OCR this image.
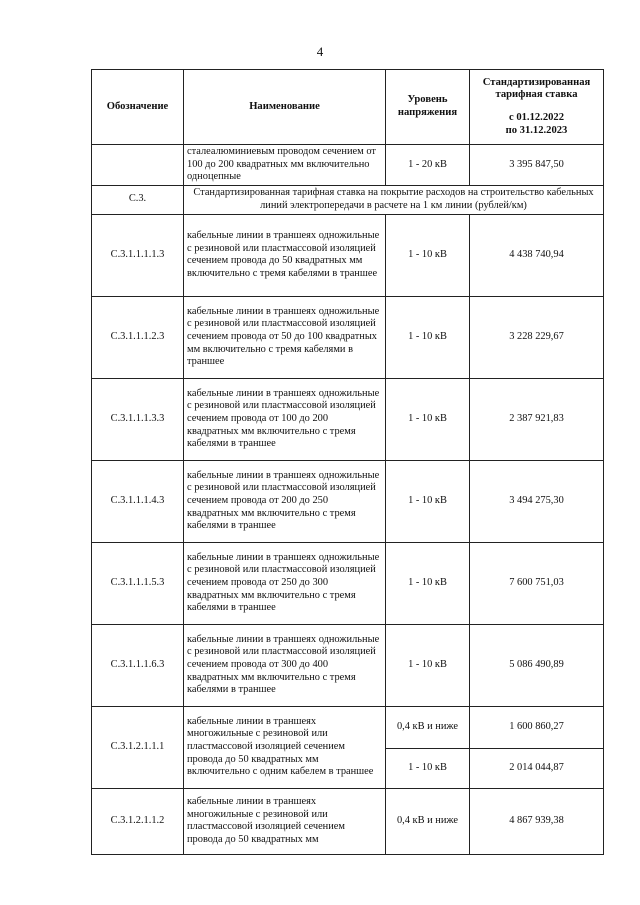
4
Обозначение	Наименование	Уровень напряжения	Стандартизированная тарифная ставка
с 01.12.2022
по 31.12.2023

	сталеалюминиевым проводом сечением от 100 до 200 квадратных мм включительно одноцепные	1 - 20 кВ	3 395 847,50
С.3.	Стандартизированная тарифная ставка на покрытие расходов на строительство кабельных линий электропередачи в расчете на 1 км линии (рублей/км)		
С.3.1.1.1.1.3	кабельные линии в траншеях одножильные с резиновой или пластмассовой изоляцией сечением провода до 50 квадратных мм включительно с тремя кабелями в траншее	1 - 10 кВ	4 438 740,94
С.3.1.1.1.2.3	кабельные линии в траншеях одножильные с резиновой или пластмассовой изоляцией сечением провода от 50 до 100 квадратных мм включительно с тремя кабелями в траншее	1 - 10 кВ	3 228 229,67
С.3.1.1.1.3.3	кабельные линии в траншеях одножильные с резиновой или пластмассовой изоляцией сечением провода от 100 до 200 квадратных мм включительно с тремя кабелями в траншее	1 - 10 кВ	2 387 921,83
С.3.1.1.1.4.3	кабельные линии в траншеях одножильные с резиновой или пластмассовой изоляцией сечением провода от 200 до 250 квадратных мм включительно с тремя кабелями в траншее	1 - 10 кВ	3 494 275,30
С.3.1.1.1.5.3	кабельные линии в траншеях одножильные с резиновой или пластмассовой изоляцией сечением провода от 250 до 300 квадратных мм включительно с тремя кабелями в траншее	1 - 10 кВ	7 600 751,03
С.3.1.1.1.6.3	кабельные линии в траншеях одножильные с резиновой или пластмассовой изоляцией сечением провода от 300 до 400 квадратных мм включительно с тремя кабелями в траншее	1 - 10 кВ	5 086 490,89
С.3.1.2.1.1.1	кабельные линии в траншеях многожильные с резиновой или пластмассовой изоляцией сечением провода до 50 квадратных мм включительно с одним кабелем в траншее	0,4 кВ и ниже	1 600 860,27
		1 - 10 кВ	2 014 044,87
С.3.1.2.1.1.2	кабельные линии в траншеях многожильные с резиновой или пластмассовой изоляцией сечением провода до 50 квадратных мм	0,4 кВ и ниже	4 867 939,38
